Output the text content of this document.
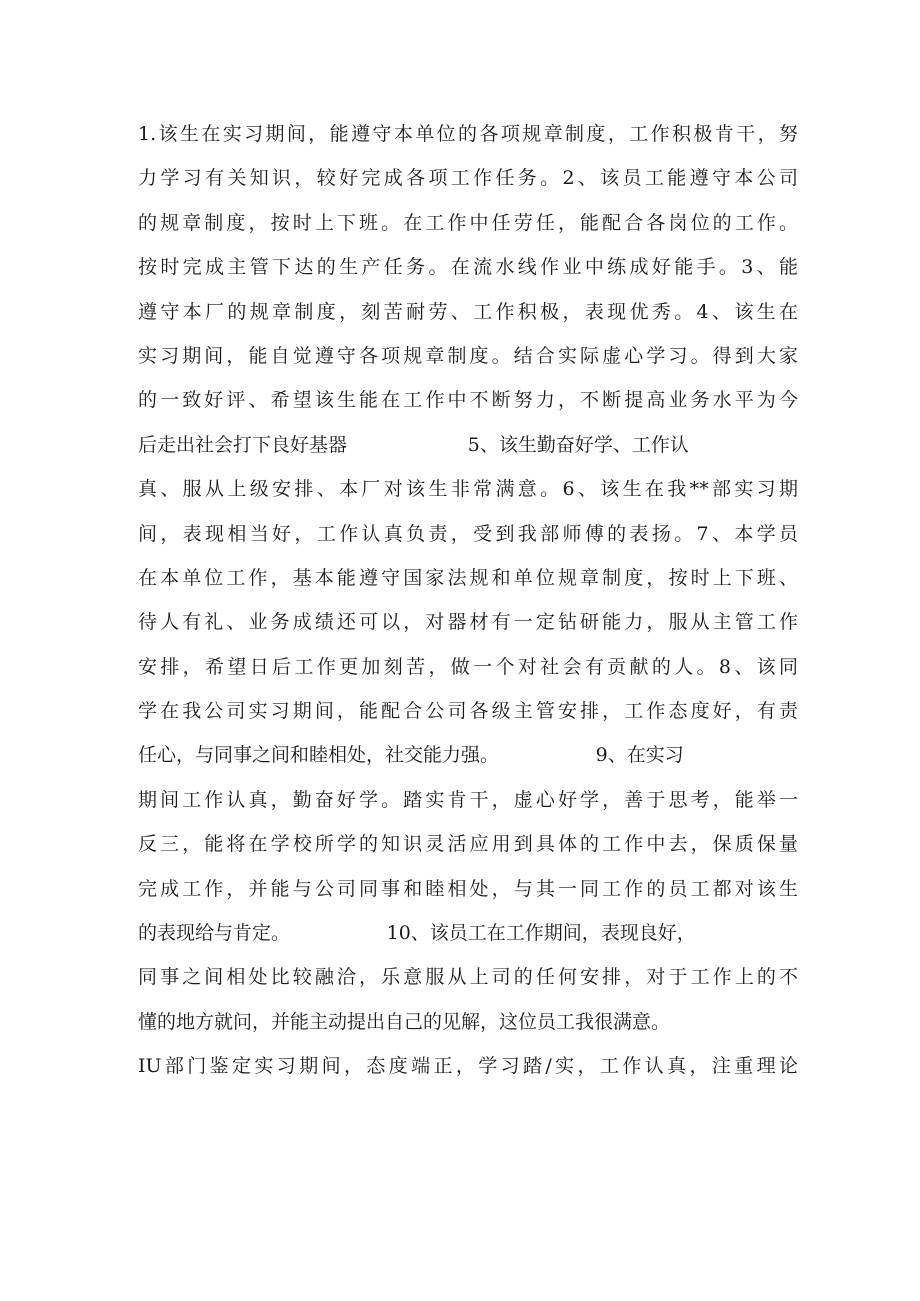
1.该生在实习期间，能遵守本单位的各项规章制度，工作积极肯干，努
力学习有关知识，较好完成各项工作任务。2、该员工能遵守本公司
的规章制度，按时上下班。在工作中任劳任，能配合各岗位的工作。
按时完成主管下达的生产任务。在流水线作业中练成好能手。3、能
遵守本厂的规章制度，刻苦耐劳、工作积极，表现优秀。4、该生在
实习期间，能自觉遵守各项规章制度。结合实际虚心学习。得到大家
的一致好评、希望该生能在工作中不断努力，不断提高业务水平为今
后走出社会打下良好基器                    5、该生勤奋好学、工作认
真、服从上级安排、本厂对该生非常满意。6、该生在我**部实习期
间，表现相当好，工作认真负责，受到我部师傅的表扬。7、本学员
在本单位工作，基本能遵守国家法规和单位规章制度，按时上下班、
待人有礼、业务成绩还可以，对器材有一定钻研能力，服从主管工作
安排，希望日后工作更加刻苦，做一个对社会有贡献的人。8、该同
学在我公司实习期间，能配合公司各级主管安排，工作态度好，有责
任心，与同事之间和睦相处，社交能力强。                9、在实习
期间工作认真，勤奋好学。踏实肯干，虚心好学，善于思考，能举一
反三，能将在学校所学的知识灵活应用到具体的工作中去，保质保量
完成工作，并能与公司同事和睦相处，与其一同工作的员工都对该生
的表现给与肯定。                10、该员工在工作期间，表现良好，
同事之间相处比较融洽，乐意服从上司的任何安排，对于工作上的不
懂的地方就问，并能主动提出自己的见解，这位员工我很满意。
IU部门鉴定实习期间，态度端正，学习踏/实，工作认真，注重理论
